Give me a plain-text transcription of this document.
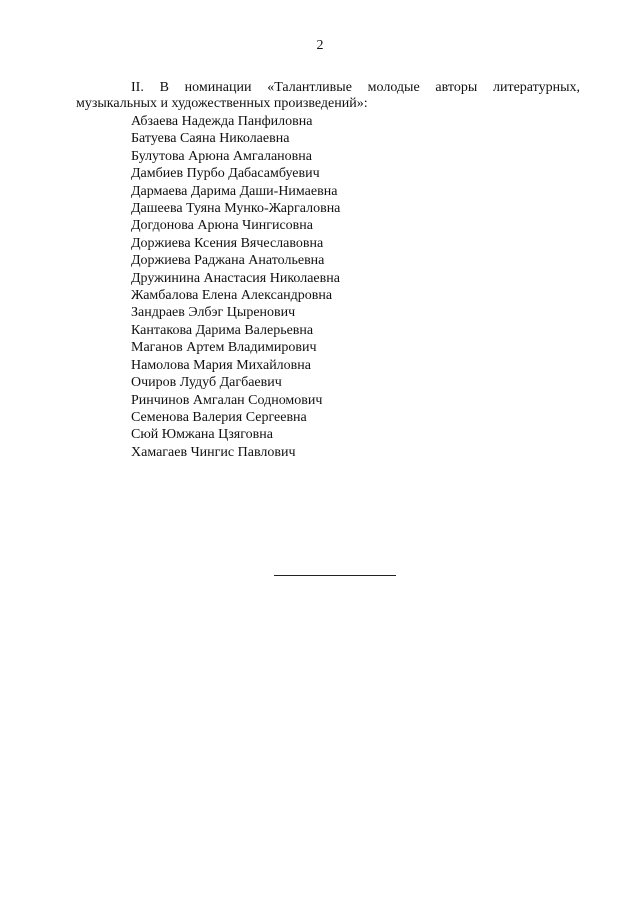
2

II. В номинации «Талантливые молодые авторы литературных, музыкальных и художественных произведений»:

Абзаева Надежда Панфиловна
Батуева Саяна Николаевна
Булутова Арюна Амгалановна
Дамбиев Пурбо Дабасамбуевич
Дармаева Дарима Даши-Нимаевна
Дашеева Туяна Мунко-Жаргаловна
Догдонова Арюна Чингисовна
Доржиева Ксения Вячеславовна
Доржиева Раджана Анатольевна
Дружинина Анастасия Николаевна
Жамбалова Елена Александровна
Зандраев Элбэг Цыренович
Кантакова Дарима Валерьевна
Маганов Артем Владимирович
Намолова Мария Михайловна
Очиров Лудуб Дагбаевич
Ринчинов Амгалан Содномович
Семенова Валерия Сергеевна
Сюй Юмжана Цзяговна
Хамагаев Чингис Павлович
